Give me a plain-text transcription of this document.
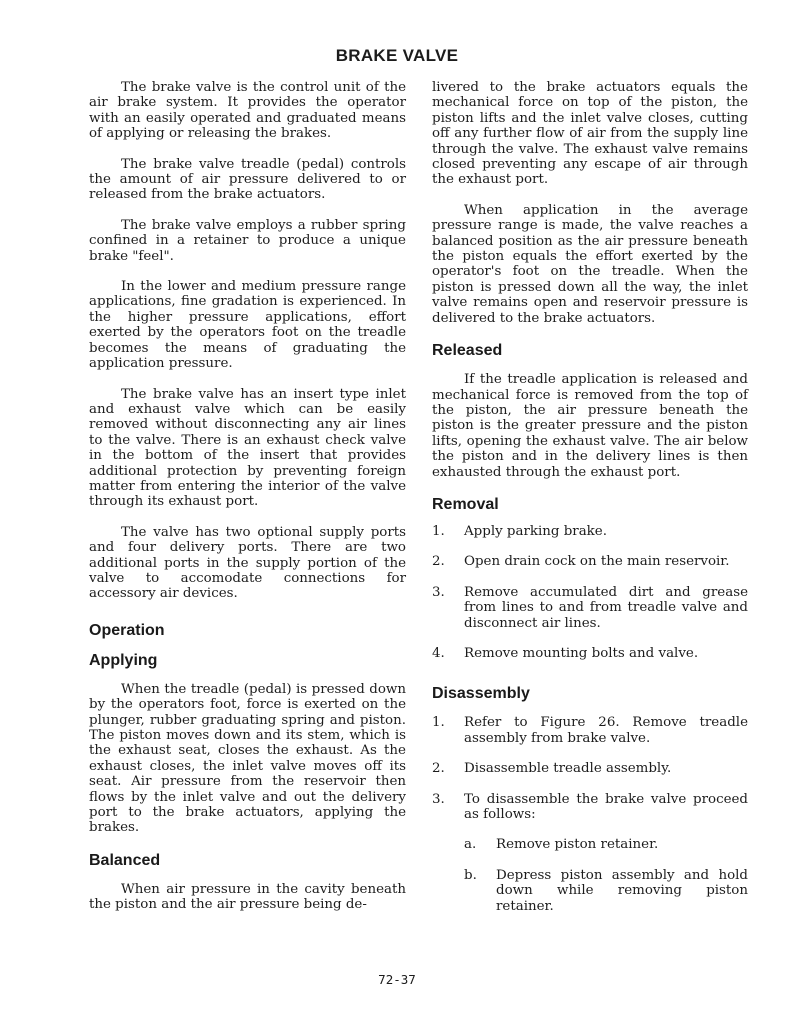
BRAKE VALVE

The brake valve is the control unit of the air brake system. It provides the operator with an easily operated and graduated means of applying or releasing the brakes.

The brake valve treadle (pedal) controls the amount of air pressure delivered to or released from the brake actuators.

The brake valve employs a rubber spring confined in a retainer to produce a unique brake "feel".

In the lower and medium pressure range applications, fine gradation is experienced. In the higher pressure applications, effort exerted by the operators foot on the treadle becomes the means of graduating the application pressure.

The brake valve has an insert type inlet and exhaust valve which can be easily removed without disconnecting any air lines to the valve. There is an exhaust check valve in the bottom of the insert that provides additional protection by preventing foreign matter from entering the interior of the valve through its exhaust port.

The valve has two optional supply ports and four delivery ports. There are two additional ports in the supply portion of the valve to accomodate connections for accessory air devices.

Operation
Applying

When the treadle (pedal) is pressed down by the operators foot, force is exerted on the plunger, rubber graduating spring and piston. The piston moves down and its stem, which is the exhaust seat, closes the exhaust. As the exhaust closes, the inlet valve moves off its seat. Air pressure from the reservoir then flows by the inlet valve and out the delivery port to the brake actuators, applying the brakes.

Balanced

When air pressure in the cavity beneath the piston and the air pressure being de-

livered to the brake actuators equals the mechanical force on top of the piston, the piston lifts and the inlet valve closes, cutting off any further flow of air from the supply line through the valve. The exhaust valve remains closed preventing any escape of air through the exhaust port.

When application in the average pressure range is made, the valve reaches a balanced position as the air pressure beneath the piston equals the effort exerted by the operator's foot on the treadle. When the piston is pressed down all the way, the inlet valve remains open and reservoir pressure is delivered to the brake actuators.

Released

If the treadle application is released and mechanical force is removed from the top of the piston, the air pressure beneath the piston is the greater pressure and the piston lifts, opening the exhaust valve. The air below the piston and in the delivery lines is then exhausted through the exhaust port.

Removal
1. Apply parking brake.
2. Open drain cock on the main reservoir.
3. Remove accumulated dirt and grease from lines to and from treadle valve and disconnect air lines.
4. Remove mounting bolts and valve.
Disassembly
1. Refer to Figure 26. Remove treadle assembly from brake valve.
2. Disassemble treadle assembly.
3. To disassemble the brake valve proceed as follows:
a. Remove piston retainer.
b. Depress piston assembly and hold down while removing piston retainer.

72-37
